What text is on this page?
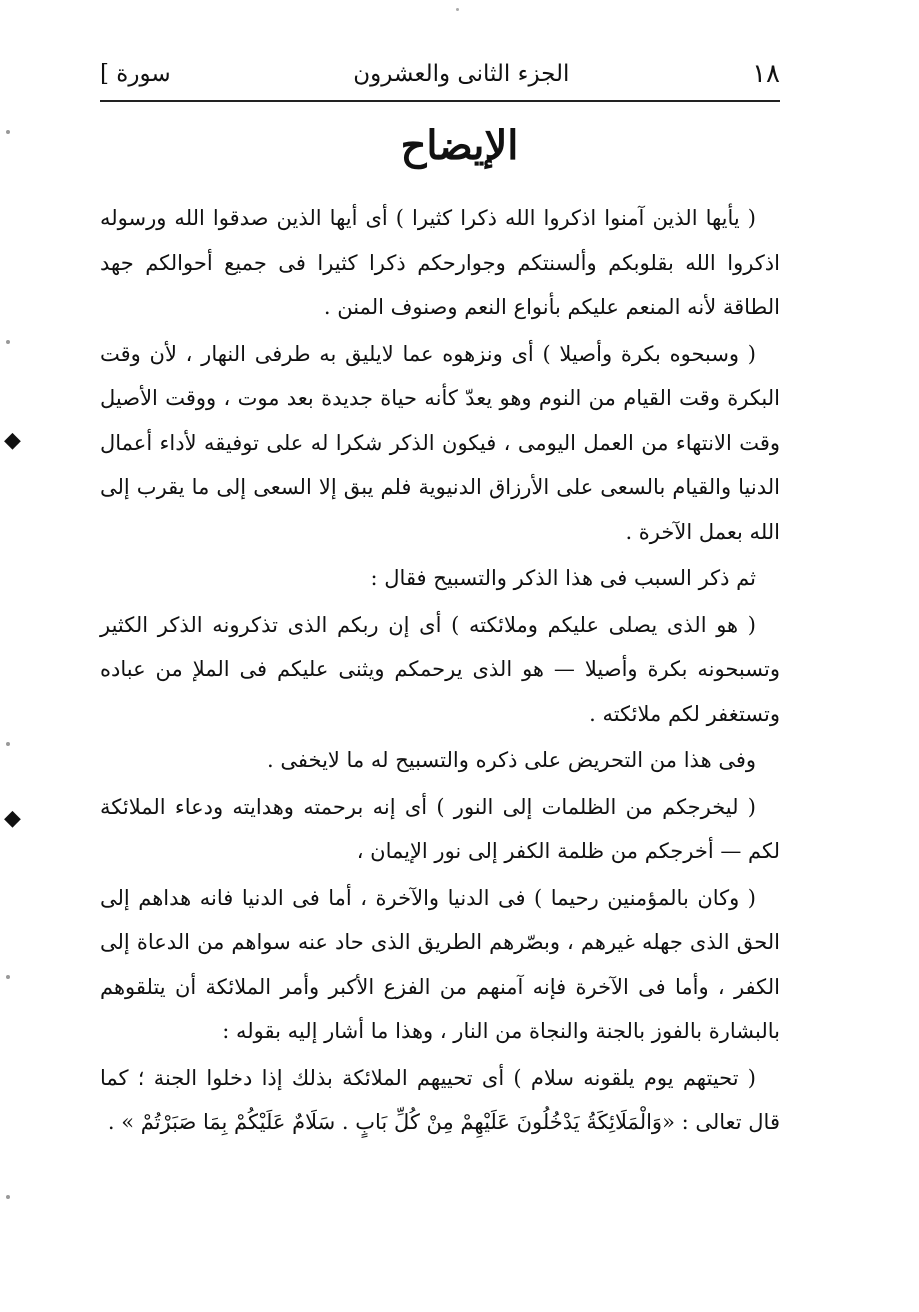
١٨
الجزء الثانى والعشرون
سورة ]
الإيضاح

( يأيها الذين آمنوا اذكروا الله ذكرا كثيرا ) أى أيها الذين صدقوا الله ورسوله اذكروا الله بقلوبكم وألسنتكم وجوارحكم ذكرا كثيرا فى جميع أحوالكم جهد الطاقة لأنه المنعم عليكم بأنواع النعم وصنوف المنن .

( وسبحوه بكرة وأصيلا ) أى ونزهوه عما لايليق به طرفى النهار ، لأن وقت البكرة وقت القيام من النوم وهو يعدّ كأنه حياة جديدة بعد موت ، ووقت الأصيل وقت الانتهاء من العمل اليومى ، فيكون الذكر شكرا له على توفيقه لأداء أعمال الدنيا والقيام بالسعى على الأرزاق الدنيوية فلم يبق إلا السعى إلى ما يقرب إلى الله بعمل الآخرة .

ثم ذكر السبب فى هذا الذكر والتسبيح فقال :

( هو الذى يصلى عليكم وملائكته ) أى إن ربكم الذى تذكرونه الذكر الكثير وتسبحونه بكرة وأصيلا — هو الذى يرحمكم ويثنى عليكم فى الملإ من عباده وتستغفر لكم ملائكته .

وفى هذا من التحريض على ذكره والتسبيح له ما لايخفى .

( ليخرجكم من الظلمات إلى النور ) أى إنه برحمته وهدايته ودعاء الملائكة لكم — أخرجكم من ظلمة الكفر إلى نور الإيمان ،

( وكان بالمؤمنين رحيما ) فى الدنيا والآخرة ، أما فى الدنيا فانه هداهم إلى الحق الذى جهله غيرهم ، وبصّرهم الطريق الذى حاد عنه سواهم من الدعاة إلى الكفر ، وأما فى الآخرة فإنه آمنهم من الفزع الأكبر وأمر الملائكة أن يتلقوهم بالبشارة بالفوز بالجنة والنجاة من النار ، وهذا ما أشار إليه بقوله :

( تحيتهم يوم يلقونه سلام ) أى تحييهم الملائكة بذلك إذا دخلوا الجنة ؛ كما قال تعالى : «وَالْمَلَائِكَةُ يَدْخُلُونَ عَلَيْهِمْ مِنْ كُلِّ بَابٍ . سَلَامٌ عَلَيْكُمْ بِمَا صَبَرْتُمْ » .

◆
◆
